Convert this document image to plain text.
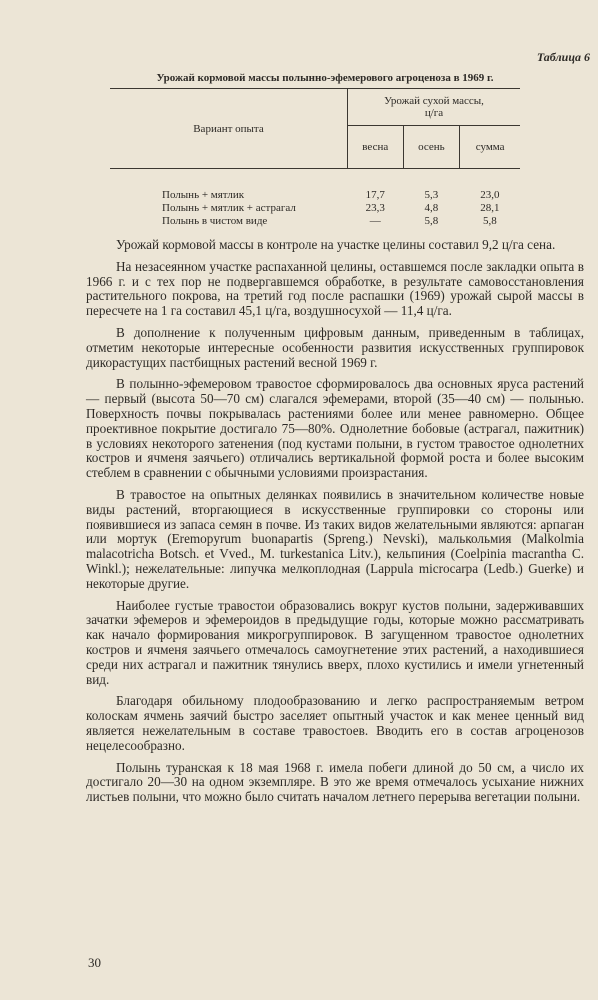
Таблица 6
Урожай кормовой массы полынно-эфемерового агроценоза в 1969 г.
Вариант опыта	Урожай сухой массы,
ц/га		
	весна	осень	сумма

Полынь + мятлик	17,7	5,3	23,0
Полынь + мятлик + астрагал	23,3	4,8	28,1
Полынь в чистом виде	—	5,8	5,8

Урожай кормовой массы в контроле на участке целины составил 9,2 ц/га сена.

На незасеянном участке распаханной целины, оставшемся после закладки опыта в 1966 г. и с тех пор не подвергавшемся обработке, в результате самовосстановления растительного покрова, на третий год после распашки (1969) урожай сырой массы в пересчете на 1 га составил 45,1 ц/га, воздушносухой — 11,4 ц/га.

В дополнение к полученным цифровым данным, приведенным в таблицах, отметим некоторые интересные особенности развития искусственных группировок дикорастущих пастбищных растений весной 1969 г.

В полынно-эфемеровом травостое сформировалось два основных яруса растений — первый (высота 50—70 см) слагался эфемерами, второй (35—40 см) — полынью. Поверхность почвы покрывалась растениями более или менее равномерно. Общее проективное покрытие достигало 75—80%. Однолетние бобовые (астрагал, пажитник) в условиях некоторого затенения (под кустами полыни, в густом травостое однолетних костров и ячменя заячьего) отличались вертикальной формой роста и более высоким стеблем в сравнении с обычными условиями произрастания.

В травостое на опытных делянках появились в значительном количестве новые виды растений, вторгающиеся в искусственные группировки со стороны или появившиеся из запаса семян в почве. Из таких видов желательными являются: арпаган или мортук (Eremopyrum buonapartis (Spreng.) Nevski), малькольмия (Malkolmia malacotricha Botsch. et Vved., M. turkestanica Litv.), кельпиния (Coelpinia macrantha C. Winkl.); нежелательные: липучка мелкоплодная (Lappula microcarpa (Ledb.) Guerke) и некоторые другие.

Наиболее густые травостои образовались вокруг кустов полыни, задерживавших зачатки эфемеров и эфемероидов в предыдущие годы, которые можно рассматривать как начало формирования микрогруппировок. В загущенном травостое однолетних костров и ячменя заячьего отмечалось самоугнетение этих растений, а находившиеся среди них астрагал и пажитник тянулись вверх, плохо кустились и имели угнетенный вид.

Благодаря обильному плодообразованию и легко распространяемым ветром колоскам ячмень заячий быстро заселяет опытный участок и как менее ценный вид является нежелательным в составе травостоев. Вводить его в состав агроценозов нецелесообразно.

Полынь туранская к 18 мая 1968 г. имела побеги длиной до 50 см, а число их достигало 20—30 на одном экземпляре. В это же время отмечалось усыхание нижних листьев полыни, что можно было считать началом летнего перерыва вегетации полыни.

30
